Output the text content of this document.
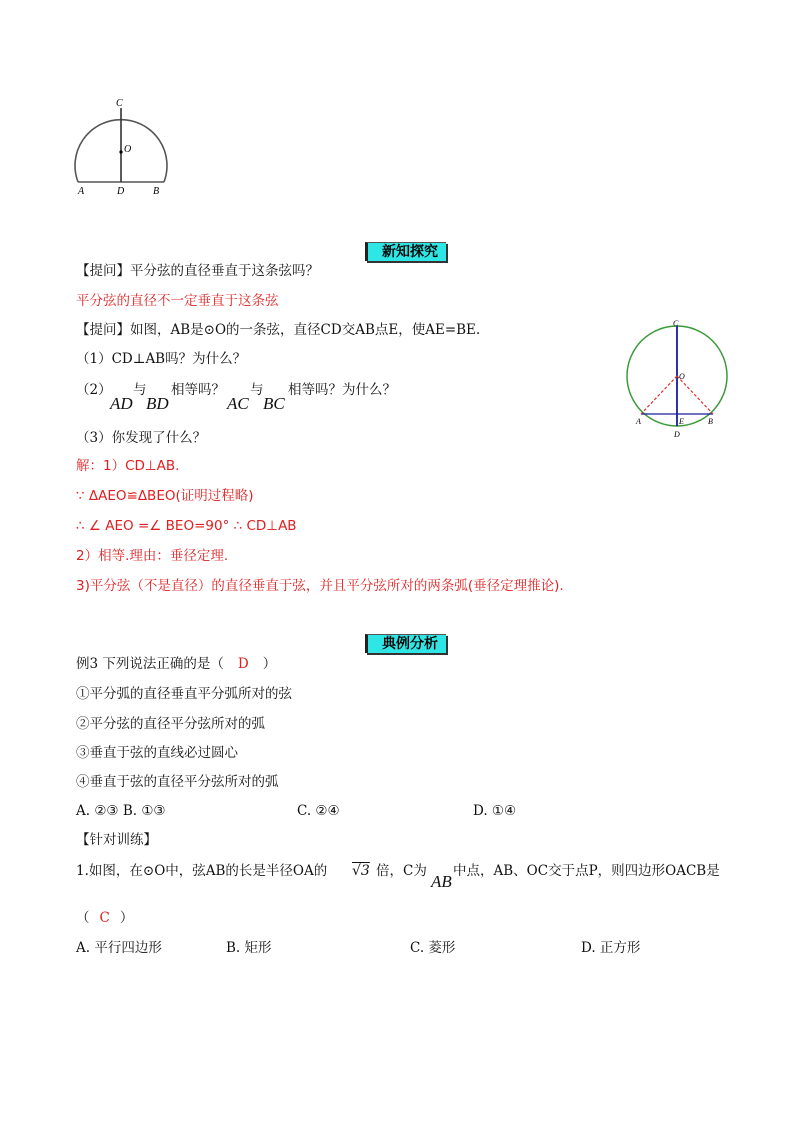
C
O
A	D	B
新知探究
【提问】平分弦的直径垂直于这条弦吗？
平分弦的直径不一定垂直于这条弦
【提问】如图，AB是⊙O的一条弦，直径CD交AB点E，使AE=BE.
（1）CD⊥AB吗？为什么？
（2）
AD
与
BD
相等吗？
AC
与
BC
相等吗？为什么？
（3）你发现了什么？
解：1）CD⊥AB.
∵ ΔAEO≌ΔBEO(证明过程略)
∴ ∠ AEO =∠ BEO=90° ∴ CD⊥AB
2）相等.理由：垂径定理.
3)平分弦（不是直径）的直径垂直于弦，并且平分弦所对的两条弧(垂径定理推论).
C
O
A	E	B
D
典例分析
例3 下列说法正确的是（ D ）
①平分弧的直径垂直平分弧所对的弦
②平分弦的直径平分弦所对的弧
③垂直于弦的直线必过圆心
④垂直于弦的直径平分弦所对的弧
A. ②③ B. ①③	C. ②④	D. ①④
【针对训练】
1.如图，在⊙O中，弦AB的长是半径OA的 √3 倍，C为
AB
中点，AB、OC交于点P，则四边形OACB是
（ C ）
A. 平行四边形	B. 矩形	C. 菱形	D. 正方形
